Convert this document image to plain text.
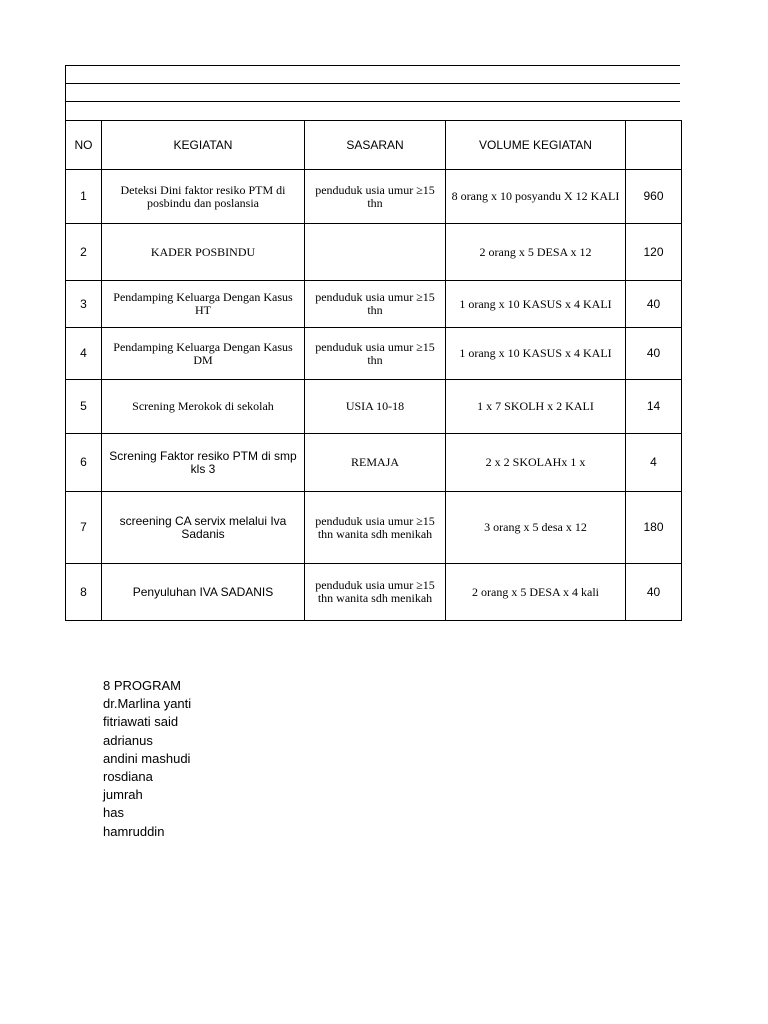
NO	KEGIATAN	SASARAN	VOLUME KEGIATAN	
1	Deteksi Dini faktor resiko PTM di posbindu dan poslansia	penduduk usia umur ≥15 thn	8 orang x 10 posyandu X 12 KALI	960
2	KADER POSBINDU		2 orang x 5 DESA x 12	120
3	Pendamping Keluarga Dengan Kasus HT	penduduk usia umur ≥15 thn	1 orang x 10 KASUS x 4 KALI	40
4	Pendamping Keluarga Dengan Kasus DM	penduduk usia umur ≥15 thn	1 orang x 10 KASUS x 4 KALI	40
5	Screning Merokok di sekolah	USIA 10-18	1 x 7 SKOLH x 2 KALI	14
6	Screning Faktor resiko PTM di smp kls 3	REMAJA	2 x 2 SKOLAHx 1 x	4
7	screening CA servix melalui Iva Sadanis	penduduk usia umur ≥15 thn wanita sdh menikah	3 orang x 5 desa x 12	180
8	Penyuluhan IVA SADANIS	penduduk usia umur ≥15 thn wanita sdh menikah	2 orang x 5 DESA x 4 kali	40
8 PROGRAM
dr.Marlina yanti
fitriawati said
adrianus
andini mashudi
rosdiana
jumrah
has
hamruddin
